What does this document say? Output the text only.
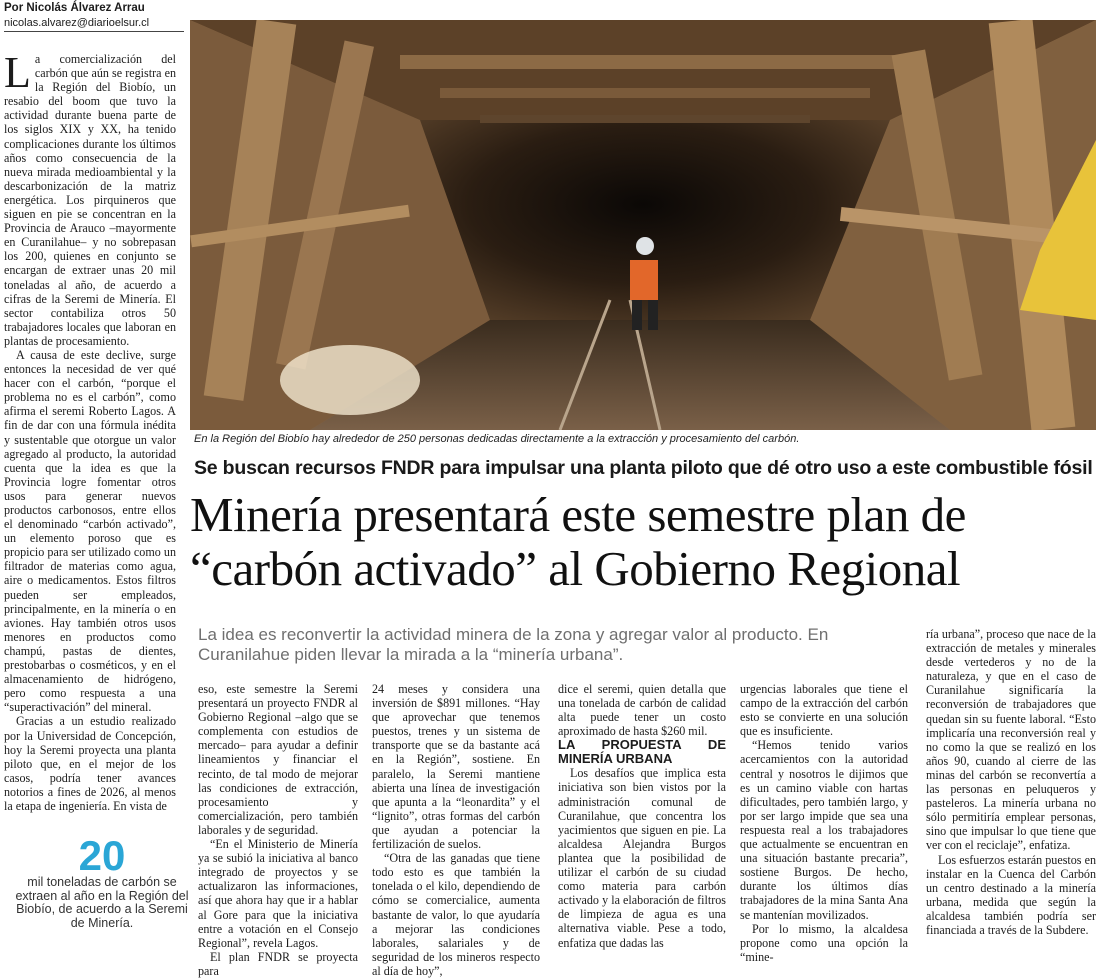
Por Nicolás Álvarez Arrau
nicolas.alvarez@diarioelsur.cl

La comercialización del carbón que aún se registra en la Región del Biobío, un resabio del boom que tuvo la actividad durante buena parte de los siglos XIX y XX, ha tenido complicaciones durante los últimos años como consecuencia de la nueva mirada medioambiental y la descarbonización de la matriz energética. Los pirquineros que siguen en pie se concentran en la Provincia de Arauco –mayormente en Curanilahue– y no sobrepasan los 200, quienes en conjunto se encargan de extraer unas 20 mil toneladas al año, de acuerdo a cifras de la Seremi de Minería. El sector contabiliza otros 50 trabajadores locales que laboran en plantas de procesamiento.

A causa de este declive, surge entonces la necesidad de ver qué hacer con el carbón, “porque el problema no es el carbón”, como afirma el seremi Roberto Lagos. A fin de dar con una fórmula inédita y sustentable que otorgue un valor agregado al producto, la autoridad cuenta que la idea es que la Provincia logre fomentar otros usos para generar nuevos productos carbonosos, entre ellos el denominado “carbón activado”, un elemento poroso que es propicio para ser utilizado como un filtrador de materias como agua, aire o medicamentos. Estos filtros pueden ser empleados, principalmente, en la minería o en aviones. Hay también otros usos menores en productos como champú, pastas de dientes, prestobarbas o cosméticos, y en el almacenamiento de hidrógeno, pero como respuesta a una “superactivación” del mineral.

Gracias a un estudio realizado por la Universidad de Concepción, hoy la Seremi proyecta una planta piloto que, en el mejor de los casos, podría tener avances notorios a fines de 2026, al menos la etapa de ingeniería. En vista de

En la Región del Biobío hay alrededor de 250 personas dedicadas directamente a la extracción y procesamiento del carbón.
Se buscan recursos FNDR para impulsar una planta piloto que dé otro uso a este combustible fósil
Minería presentará este semestre plan de
“carbón activado” al Gobierno Regional
La idea es reconvertir la actividad minera de la zona y agregar valor al producto. En Curanilahue piden llevar la mirada a la “minería urbana”.

eso, este semestre la Seremi presentará un proyecto FNDR al Gobierno Regional –algo que se complementa con estudios de mercado– para ayudar a definir lineamientos y financiar el recinto, de tal modo de mejorar las condiciones de extracción, procesamiento y comercialización, pero también laborales y de seguridad.

“En el Ministerio de Minería ya se subió la iniciativa al banco integrado de proyectos y se actualizaron las informaciones, así que ahora hay que ir a hablar al Gore para que la iniciativa entre a votación en el Consejo Regional”, revela Lagos.

El plan FNDR se proyecta para

24 meses y considera una inversión de $891 millones. “Hay que aprovechar que tenemos puestos, trenes y un sistema de transporte que se da bastante acá en la Región”, sostiene. En paralelo, la Seremi mantiene abierta una línea de investigación que apunta a la “leonardita” y el “lignito”, otras formas del carbón que ayudan a potenciar la fertilización de suelos.

“Otra de las ganadas que tiene todo esto es que también la tonelada o el kilo, dependiendo de cómo se comercialice, aumenta bastante de valor, lo que ayudaría a mejorar las condiciones laborales, salariales y de seguridad de los mineros respecto al día de hoy”,

dice el seremi, quien detalla que una tonelada de carbón de calidad alta puede tener un costo aproximado de hasta $260 mil.

LA PROPUESTA DE MINERÍA URBANA

Los desafíos que implica esta iniciativa son bien vistos por la administración comunal de Curanilahue, que concentra los yacimientos que siguen en pie. La alcaldesa Alejandra Burgos plantea que la posibilidad de utilizar el carbón de su ciudad como materia para carbón activado y la elaboración de filtros de limpieza de agua es una alternativa viable. Pese a todo, enfatiza que dadas las

urgencias laborales que tiene el campo de la extracción del carbón esto se convierte en una solución que es insuficiente.

“Hemos tenido varios acercamientos con la autoridad central y nosotros le dijimos que es un camino viable con hartas dificultades, pero también largo, y por ser largo impide que sea una respuesta real a los trabajadores que actualmente se encuentran en una situación bastante precaria”, sostiene Burgos. De hecho, durante los últimos días trabajadores de la mina Santa Ana se mantenían movilizados.

Por lo mismo, la alcaldesa propone como una opción la “mine-

ría urbana”, proceso que nace de la extracción de metales y minerales desde vertederos y no de la naturaleza, y que en el caso de Curanilahue significaría la reconversión de trabajadores que quedan sin su fuente laboral. “Esto implicaría una reconversión real y no como la que se realizó en los años 90, cuando al cierre de las minas del carbón se reconvertía a las personas en peluqueros y pasteleros. La minería urbana no sólo permitiría emplear personas, sino que impulsar lo que tiene que ver con el reciclaje”, enfatiza.

Los esfuerzos estarán puestos en instalar en la Cuenca del Carbón un centro destinado a la minería urbana, medida que según la alcaldesa también podría ser financiada a través de la Subdere.

20
mil toneladas de carbón se extraen al año en la Región del Biobío, de acuerdo a la Seremi de Minería.
